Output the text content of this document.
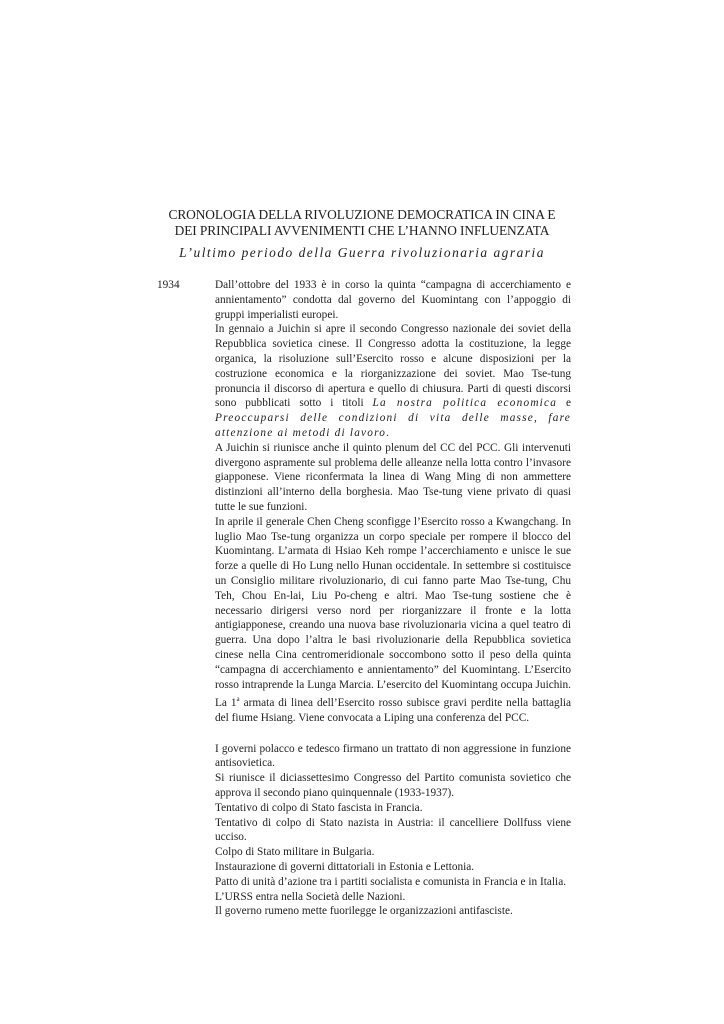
CRONOLOGIA DELLA RIVOLUZIONE DEMOCRATICA IN CINA E
DEI PRINCIPALI AVVENIMENTI CHE L’HANNO INFLUENZATA
L’ultimo periodo della Guerra rivoluzionaria agraria
1934	Dall’ottobre del 1933 è in corso la quinta “campagna di accerchiamento e annientamento” condotta dal governo del Kuomintang con l’appoggio di gruppi imperialisti europei.

In gennaio a Juichin si apre il secondo Congresso nazionale dei soviet della Repubblica sovietica cinese. Il Congresso adotta la costituzione, la legge organica, la risoluzione sull’Esercito rosso e alcune disposizioni per la costruzione economica e la riorganizzazione dei soviet. Mao Tse-tung pronuncia il discorso di apertura e quello di chiusura. Parti di questi discorsi sono pubblicati sotto i titoli La nostra politica economica e Preoccuparsi delle condizioni di vita delle masse, fare attenzione ai metodi di lavoro.

A Juichin si riunisce anche il quinto plenum del CC del PCC. Gli intervenuti divergono aspramente sul problema delle alleanze nella lotta contro l’invasore giapponese. Viene riconfermata la linea di Wang Ming di non ammettere distinzioni all’interno della borghesia. Mao Tse-tung viene privato di quasi tutte le sue funzioni.

In aprile il generale Chen Cheng sconfigge l’Esercito rosso a Kwangchang. In luglio Mao Tse-tung organizza un corpo speciale per rompere il blocco del Kuomintang. L’armata di Hsiao Keh rompe l’accerchiamento e unisce le sue forze a quelle di Ho Lung nello Hunan occidentale. In settembre si costituisce un Consiglio militare rivoluzionario, di cui fanno parte Mao Tse-tung, Chu Teh, Chou En-lai, Liu Po-cheng e altri. Mao Tse-tung sostiene che è necessario dirigersi verso nord per riorganizzare il fronte e la lotta antigiapponese, creando una nuova base rivoluzionaria vicina a quel teatro di guerra. Una dopo l’altra le basi rivoluzionarie della Repubblica sovietica cinese nella Cina centromeridionale soccombono sotto il peso della quinta “campagna di accerchiamento e annientamento” del Kuomintang. L’Esercito rosso intraprende la Lunga Marcia. L’esercito del Kuomintang occupa Juichin. La 1$^a$ armata di linea dell’Esercito rosso subisce gravi perdite nella battaglia del fiume Hsiang. Viene convocata a Liping una conferenza del PCC.

I governi polacco e tedesco firmano un trattato di non aggressione in funzione antisovietica.

Si riunisce il diciassettesimo Congresso del Partito comunista sovietico che approva il secondo piano quinquennale (1933-1937).

Tentativo di colpo di Stato fascista in Francia.

Tentativo di colpo di Stato nazista in Austria: il cancelliere Dollfuss viene ucciso.

Colpo di Stato militare in Bulgaria.

Instaurazione di governi dittatoriali in Estonia e Lettonia.

Patto di unità d’azione tra i partiti socialista e comunista in Francia e in Italia.

L’URSS entra nella Società delle Nazioni.

Il governo rumeno mette fuorilegge le organizzazioni antifasciste.
